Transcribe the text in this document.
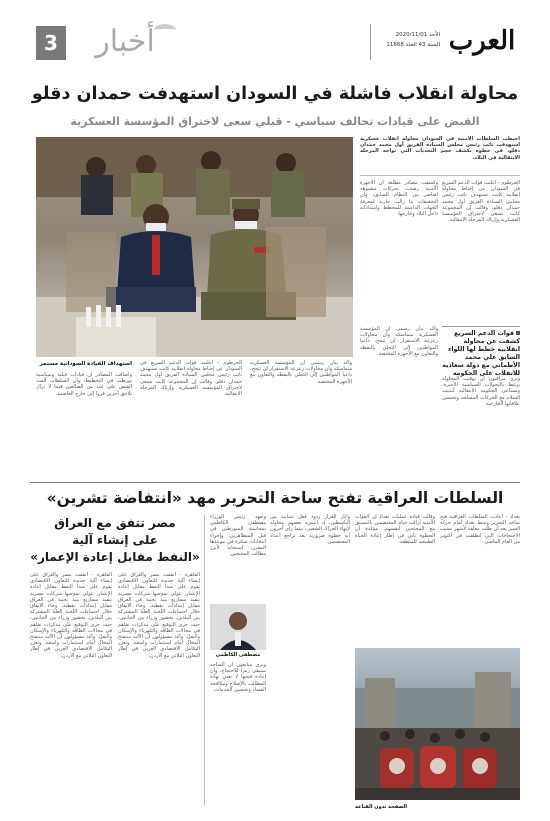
3	أخبار	الأحد 2020/11/01
السنة 43 العدد 11868 العرب
محاولة انقلاب فاشلة في السودان استهدفت حمدان دقلو
القبض على قيادات تحالف سياسي - قبلي سعى لاختراق المؤسسة العسكرية
استهداف القيادة السودانية مستمر
أحبطت السلطات الأمنية في السودان محاولة انقلاب عسكرية استهدفت نائب رئيس مجلس السيادة الفريق أول محمد حمدان دقلو، في خطوة تكشف حجم التحديات التي تواجه المرحلة الانتقالية في البلاد.
الخرطوم - أعلنت قوات الدعم السريع في السودان عن إحباط محاولة انقلابية كانت تستهدف نائب رئيس مجلس السيادة الفريق أول محمد حمدان دقلو، وقالت إن المجموعة كانت تسعى لاختراق المؤسسة العسكرية وإرباك المرحلة الانتقالية.
وكشفت مصادر مطلعة أن الأجهزة الأمنية رصدت تحركات مشبوهة لعناصر من النظام السابق، وأن التحقيقات ما زالت جارية لمعرفة الجهات الداعمة للمخطط وامتداداته داخل البلاد وخارجها.
قوات الدعم السريع كشفت عن محاولة انقلابية خطط لها اللواء السابق علي محمد الأطماني مع دولة سعادية للانقلاب على الحكومة
وأكد بيان رسمي أن المؤسسة العسكرية متماسكة وأن محاولات زعزعة الاستقرار لن تنجح، داعيا المواطنين إلى التحلي باليقظة والتعاون مع الأجهزة المختصة.
ويرى مراقبون أن توقيت المحاولة يرتبط بالتحولات السياسية الأخيرة، ومساعي الحكومة الانتقالية لتثبيت السلام مع الحركات المسلحة وتحسين علاقاتها الخارجية.
وأضافت المصادر أن قيادات قبلية وسياسية تورطت في التخطيط، وأن السلطات ألقت القبض على عدد من الضالعين فيما لا تزال تلاحق آخرين فروا إلى خارج العاصمة.
الخرطوم - أعلنت قوات الدعم السريع في السودان عن إحباط محاولة انقلابية كانت تستهدف نائب رئيس مجلس السيادة الفريق أول محمد حمدان دقلو، وقالت إن المجموعة كانت تسعى لاختراق المؤسسة العسكرية وإرباك المرحلة الانتقالية.
وأكد بيان رسمي أن المؤسسة العسكرية متماسكة وأن محاولات زعزعة الاستقرار لن تنجح، داعيا المواطنين إلى التحلي باليقظة والتعاون مع الأجهزة المختصة.
السلطات العراقية تفتح ساحة التحرير مهد «انتفاضة تشرين»
مصر تتفق مع العراق
على إنشاء آلية
«النفط مقابل إعادة الإعمار»
القاهرة - اتفقت مصر والعراق على إنشاء آلية جديدة للتعاون الاقتصادي تقوم على مبدأ النفط مقابل إعادة الإعمار، تتولى بموجبها شركات مصرية تنفيذ مشاريع بنية تحتية في العراق مقابل إمدادات نفطية. وجاء الاتفاق خلال اجتماعات اللجنة العليا المشتركة بين البلدين، بحضور وزراء من الجانبين، حيث جرى التوقيع على مذكرات تفاهم في مجالات الطاقة والكهرباء والإسكان والنقل. وأكد مسؤولون أن الآلية ستفتح المجال أمام استثمارات واسعة، وتعزز التكامل الاقتصادي العربي في إطار التعاون الثلاثي مع الأردن.
القاهرة - اتفقت مصر والعراق على إنشاء آلية جديدة للتعاون الاقتصادي تقوم على مبدأ النفط مقابل إعادة الإعمار، تتولى بموجبها شركات مصرية تنفيذ مشاريع بنية تحتية في العراق مقابل إمدادات نفطية. وجاء الاتفاق خلال اجتماعات اللجنة العليا المشتركة بين البلدين، بحضور وزراء من الجانبين، حيث جرى التوقيع على مذكرات تفاهم في مجالات الطاقة والكهرباء والإسكان والنقل. وأكد مسؤولون أن الآلية ستفتح المجال أمام استثمارات واسعة، وتعزز التكامل الاقتصادي العربي في إطار التعاون الثلاثي مع الأردن.
بغداد - أعادت السلطات العراقية فتح ساحة التحرير وسط بغداد أمام حركة السير بعد أن ظلت مغلقة لأشهر بسبب الاحتجاجات التي انطلقت في أكتوبر من العام الماضي.
وقالت قيادة عمليات بغداد إن القوات الأمنية أزالت خيام المعتصمين بالتنسيق مع المحتجين أنفسهم، مؤكدة أن الخطوة تأتي في إطار إعادة الحياة الطبيعية للمنطقة.
وأثار القرار ردود فعل متباينة بين الناشطين، إذ اعتبره بعضهم محاولة لإنهاء الحراك الشعبي، بينما رأى آخرون أنه خطوة ضرورية بعد تراجع أعداد المعتصمين.
وتعهد رئيس الوزراء مصطفى الكاظمي بمحاسبة المتورطين في قتل المتظاهرين، وإجراء انتخابات مبكرة في موعدها المقرر، استجابة لأبرز مطالب المحتجين.
مصطفى الكاظمي
ويرى متابعون أن الساحة ستبقى رمزا للاحتجاج، وأن إعادة فتحها لا تعني نهاية المطالب بالإصلاح ومكافحة الفساد وتحسين الخدمات.
الصفحة بدون القناعة
